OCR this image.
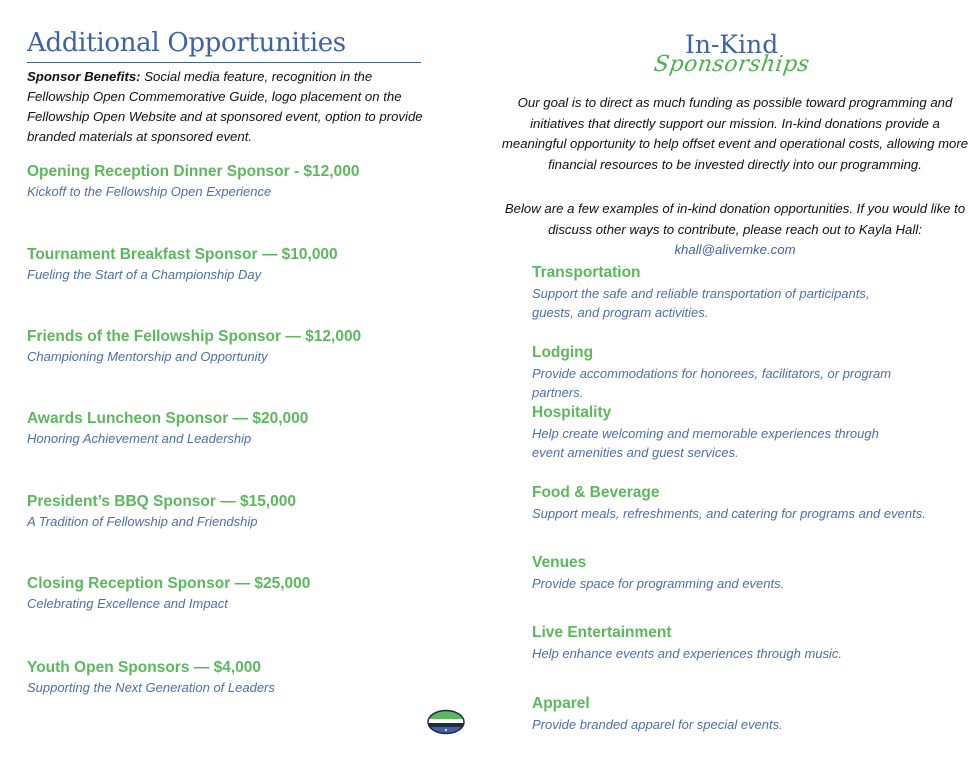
Additional Opportunities
Sponsor Benefits: Social media feature, recognition in the Fellowship Open Commemorative Guide, logo placement on the Fellowship Open Website and at sponsored event, option to provide branded materials at sponsored event.
Opening Reception Dinner Sponsor - $12,000
Kickoff to the Fellowship Open Experience
Tournament Breakfast Sponsor — $10,000
Fueling the Start of a Championship Day
Friends of the Fellowship Sponsor — $12,000
Championing Mentorship and Opportunity
Awards Luncheon Sponsor — $20,000
Honoring Achievement and Leadership
President’s BBQ Sponsor — $15,000
A Tradition of Fellowship and Friendship
Closing Reception Sponsor — $25,000
Celebrating Excellence and Impact
Youth Open Sponsors — $4,000
Supporting the Next Generation of Leaders
In-Kind
Sponsorships
Our goal is to direct as much funding as possible toward programming and initiatives that directly support our mission. In-kind donations provide a meaningful opportunity to help offset event and operational costs, allowing more financial resources to be invested directly into our programming.
Below are a few examples of in-kind donation opportunities. If you would like to discuss other ways to contribute, please reach out to Kayla Hall: khall@alivemke.com
Transportation
Support the safe and reliable transportation of participants, guests, and program activities.
Lodging
Provide accommodations for honorees, facilitators, or program partners.
Hospitality
Help create welcoming and memorable experiences through event amenities and guest services.
Food & Beverage
Support meals, refreshments, and catering for programs and events.
Venues
Provide space for programming and events.
Live Entertainment
Help enhance events and experiences through music.
Apparel
Provide branded apparel for special events.
